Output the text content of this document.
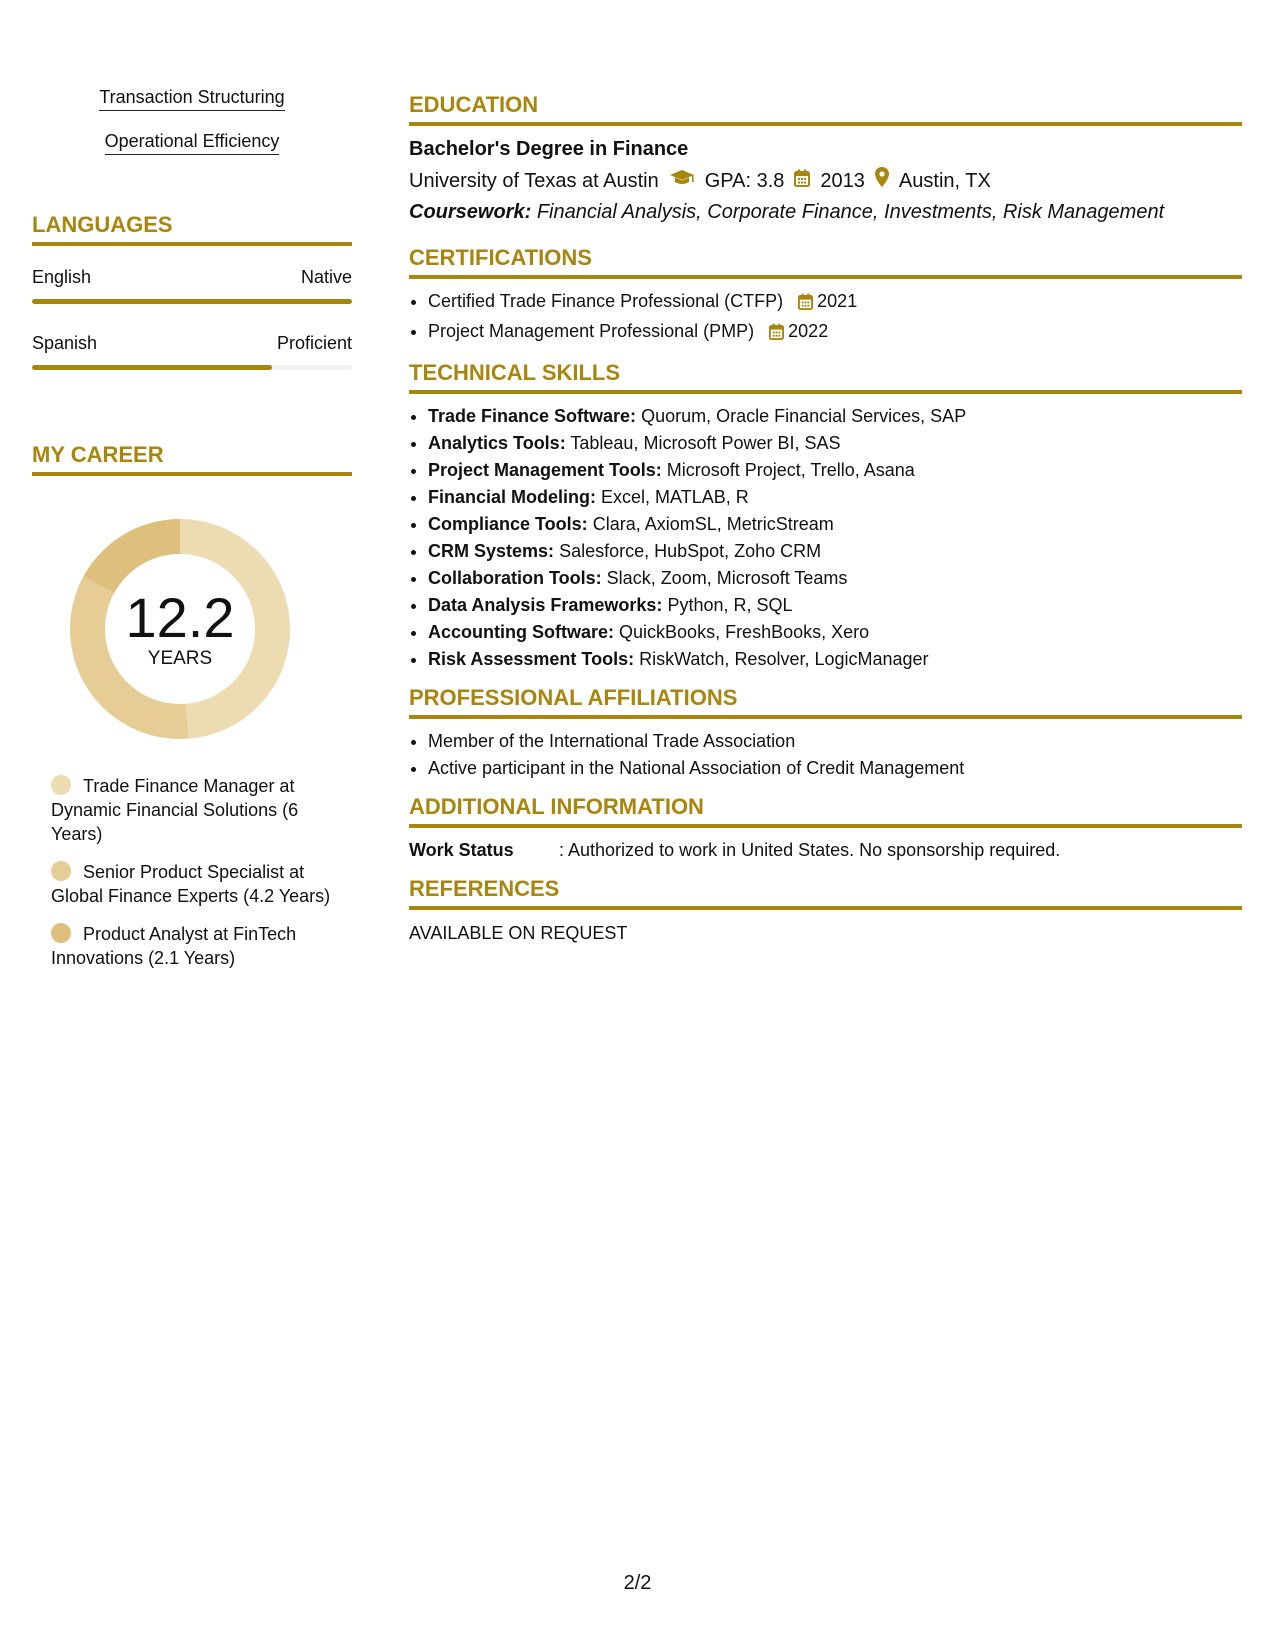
Transaction Structuring
Operational Efficiency
LANGUAGES
English	Native
Spanish	Proficient
MY CAREER
12.2
YEARS
Trade Finance Manager at Dynamic Financial Solutions (6 Years)
Senior Product Specialist at Global Finance Experts (4.2 Years)
Product Analyst at FinTech Innovations (2.1 Years)
EDUCATION
Bachelor's Degree in Finance
University of Texas at Austin GPA: 3.8 2013 Austin, TX
Coursework: Financial Analysis, Corporate Finance, Investments, Risk Management
CERTIFICATIONS
• Certified Trade Finance Professional (CTFP) 2021
• Project Management Professional (PMP) 2022
TECHNICAL SKILLS
• Trade Finance Software: Quorum, Oracle Financial Services, SAP
• Analytics Tools: Tableau, Microsoft Power BI, SAS
• Project Management Tools: Microsoft Project, Trello, Asana
• Financial Modeling: Excel, MATLAB, R
• Compliance Tools: Clara, AxiomSL, MetricStream
• CRM Systems: Salesforce, HubSpot, Zoho CRM
• Collaboration Tools: Slack, Zoom, Microsoft Teams
• Data Analysis Frameworks: Python, R, SQL
• Accounting Software: QuickBooks, FreshBooks, Xero
• Risk Assessment Tools: RiskWatch, Resolver, LogicManager
PROFESSIONAL AFFILIATIONS
• Member of the International Trade Association
• Active participant in the National Association of Credit Management
ADDITIONAL INFORMATION
Work Status	: Authorized to work in United States. No sponsorship required.
REFERENCES
AVAILABLE ON REQUEST
2/2
